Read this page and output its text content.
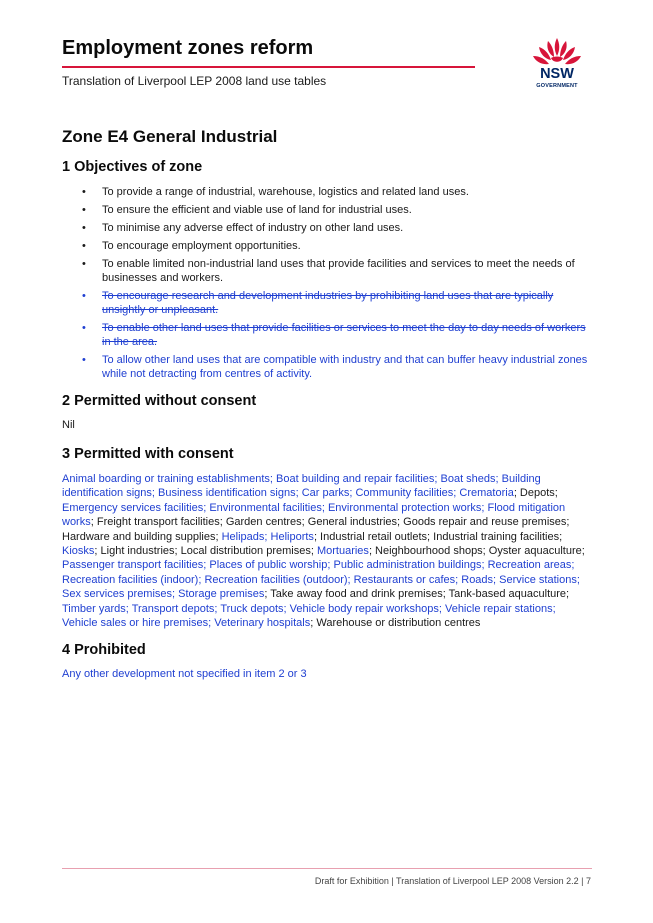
Employment zones reform
Translation of Liverpool LEP 2008 land use tables	NSW
GOVERNMENT
Zone E4 General Industrial
1 Objectives of zone
• To provide a range of industrial, warehouse, logistics and related land uses.
• To ensure the efficient and viable use of land for industrial uses.
• To minimise any adverse effect of industry on other land uses.
• To encourage employment opportunities.
• To enable limited non-industrial land uses that provide facilities and services to meet the needs of businesses and workers.
• To encourage research and development industries by prohibiting land uses that are typically unsightly or unpleasant.
• To enable other land uses that provide facilities or services to meet the day to day needs of workers in the area.
• To allow other land uses that are compatible with industry and that can buffer heavy industrial zones while not detracting from centres of activity.
2 Permitted without consent

Nil

3 Permitted with consent

Animal boarding or training establishments; Boat building and repair facilities; Boat sheds; Building identification signs; Business identification signs; Car parks; Community facilities; Crematoria; Depots; Emergency services facilities; Environmental facilities; Environmental protection works; Flood mitigation works; Freight transport facilities; Garden centres; General industries; Goods repair and reuse premises; Hardware and building supplies; Helipads; Heliports; Industrial retail outlets; Industrial training facilities; Kiosks; Light industries; Local distribution premises; Mortuaries; Neighbourhood shops; Oyster aquaculture; Passenger transport facilities; Places of public worship; Public administration buildings; Recreation areas; Recreation facilities (indoor); Recreation facilities (outdoor); Restaurants or cafes; Roads; Service stations; Sex services premises; Storage premises; Take away food and drink premises; Tank-based aquaculture; Timber yards; Transport depots; Truck depots; Vehicle body repair workshops; Vehicle repair stations; Vehicle sales or hire premises; Veterinary hospitals; Warehouse or distribution centres

4 Prohibited

Any other development not specified in item 2 or 3

Draft for Exhibition | Translation of Liverpool LEP 2008 Version 2.2 | 7
